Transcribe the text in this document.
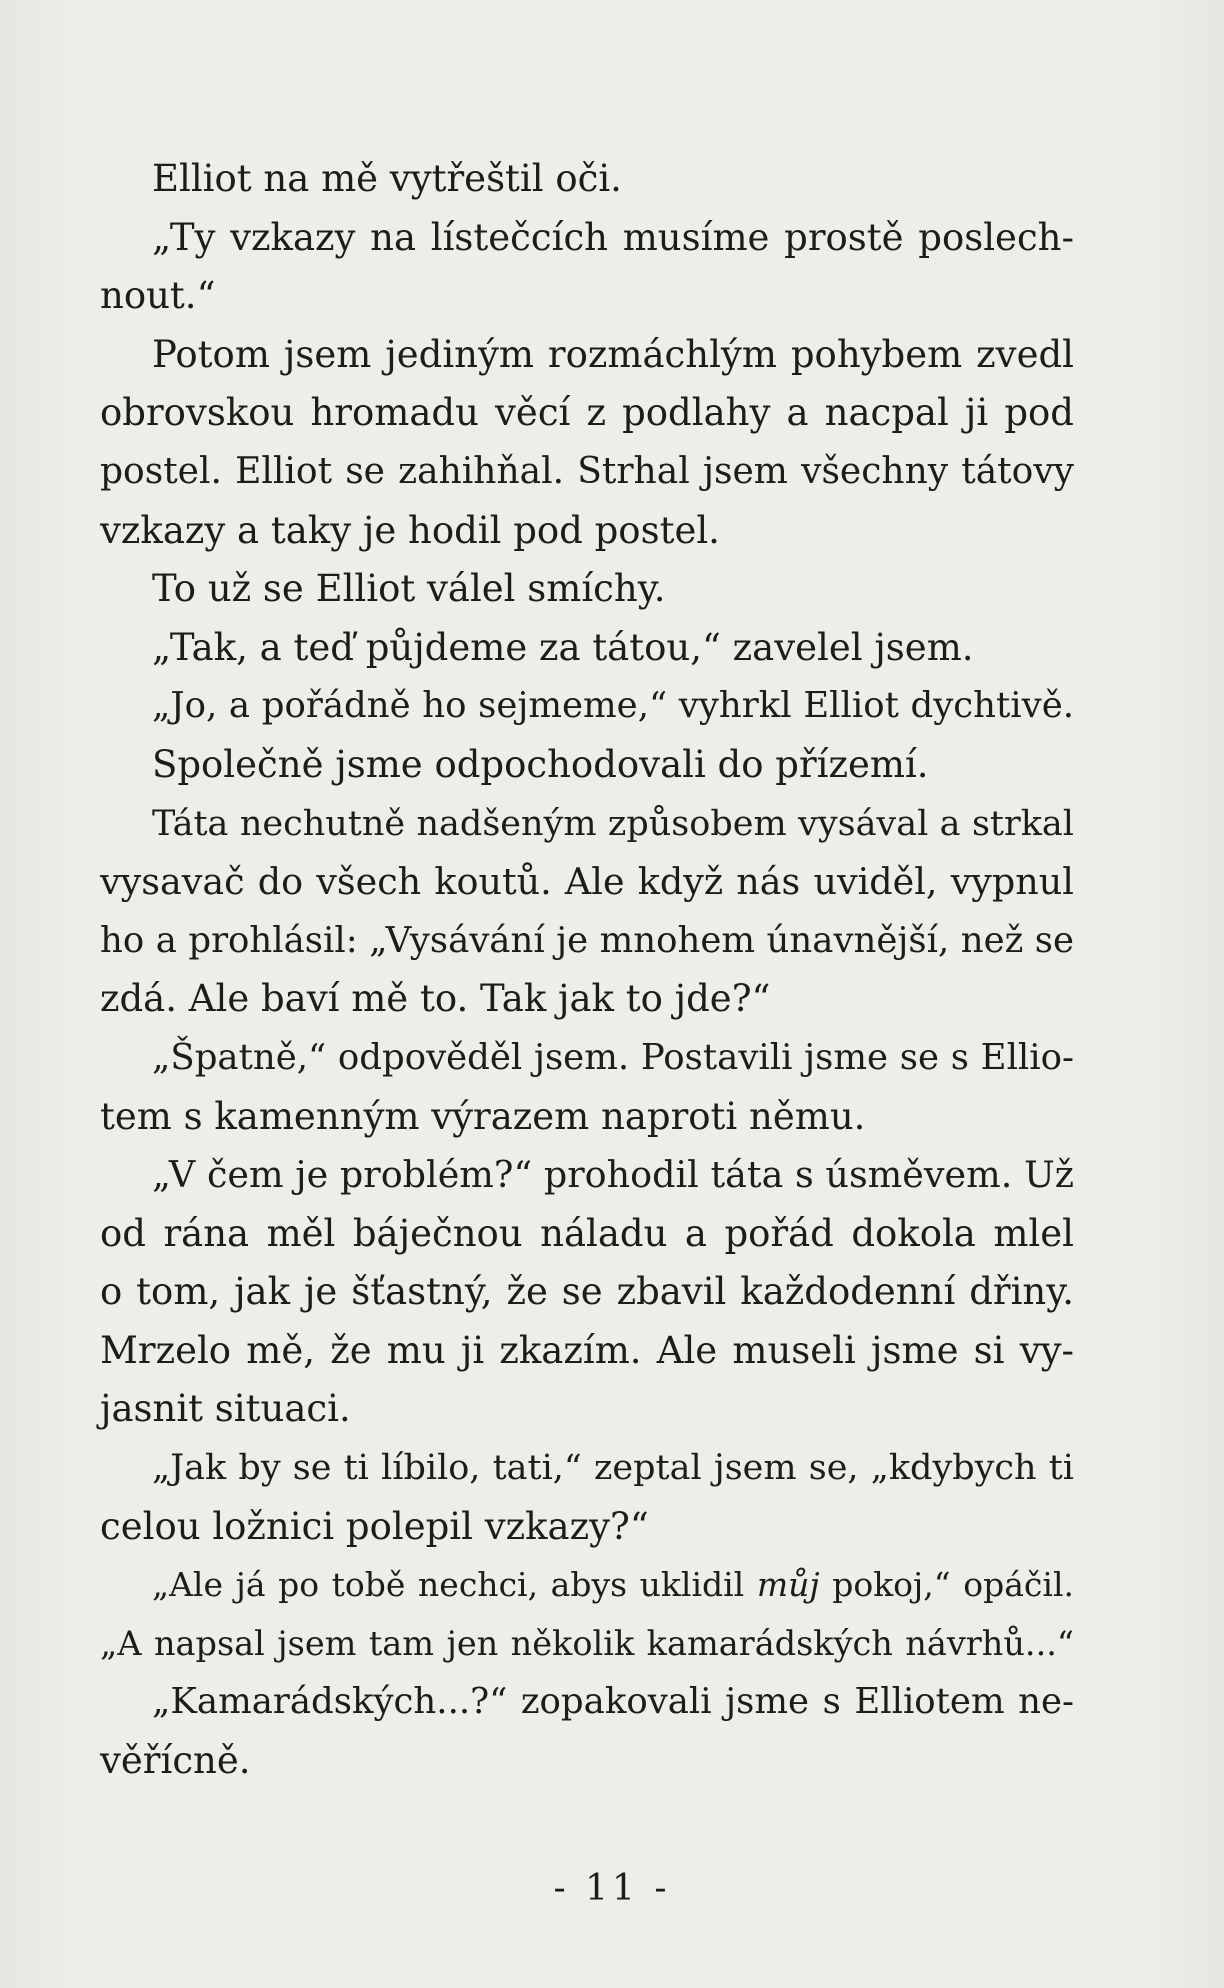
Elliot na mě vytřeštil oči.
„Ty vzkazy na lístečcích musíme prostě poslech-
nout.“
Potom jsem jediným rozmáchlým pohybem zvedl
obrovskou hromadu věcí z podlahy a nacpal ji pod
postel. Elliot se zahihňal. Strhal jsem všechny tátovy
vzkazy a taky je hodil pod postel.
To už se Elliot válel smíchy.
„Tak, a teď půjdeme za tátou,“ zavelel jsem.
„Jo, a pořádně ho sejmeme,“ vyhrkl Elliot dychtivě.
Společně jsme odpochodovali do přízemí.
Táta nechutně nadšeným způsobem vysával a strkal
vysavač do všech koutů. Ale když nás uviděl, vypnul
ho a prohlásil: „Vysávání je mnohem únavnější, než se
zdá. Ale baví mě to. Tak jak to jde?“
„Špatně,“ odpověděl jsem. Postavili jsme se s Ellio-
tem s kamenným výrazem naproti němu.
„V čem je problém?“ prohodil táta s úsměvem. Už
od rána měl báječnou náladu a pořád dokola mlel
o tom, jak je šťastný, že se zbavil každodenní dřiny.
Mrzelo mě, že mu ji zkazím. Ale museli jsme si vy-
jasnit situaci.
„Jak by se ti líbilo, tati,“ zeptal jsem se, „kdybych ti
celou ložnici polepil vzkazy?“
„Ale já po tobě nechci, abys uklidil můj pokoj,“ opáčil.
„A napsal jsem tam jen několik kamarádských návrhů...“
„Kamarádských...?“ zopakovali jsme s Elliotem ne-
věřícně.
- 11 -
